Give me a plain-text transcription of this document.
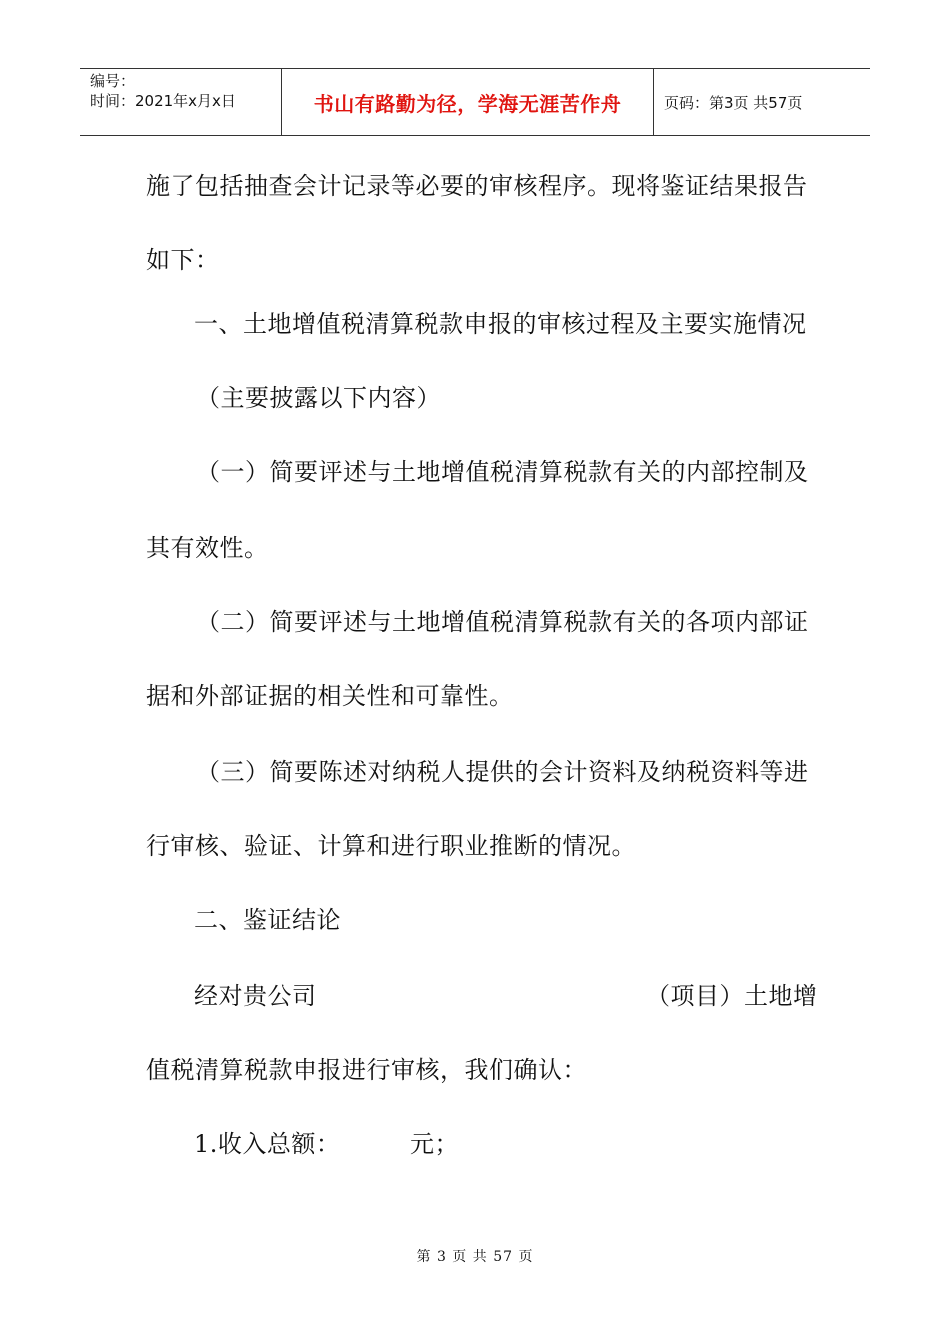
编号：
时间：2021年x月x日	书山有路勤为径，学海无涯苦作舟	页码：第3页 共57页
施了包括抽查会计记录等必要的审核程序。现将鉴证结果报告
如下：
一、土地增值税清算税款申报的审核过程及主要实施情况
（主要披露以下内容）
（一）简要评述与土地增值税清算税款有关的内部控制及
其有效性。
（二）简要评述与土地增值税清算税款有关的各项内部证
据和外部证据的相关性和可靠性。
（三）简要陈述对纳税人提供的会计资料及纳税资料等进
行审核、验证、计算和进行职业推断的情况。
二、鉴证结论
经对贵公司	（项目）土地增
值税清算税款申报进行审核，我们确认：
1.收入总额：	元；
第 3 页 共 57 页
